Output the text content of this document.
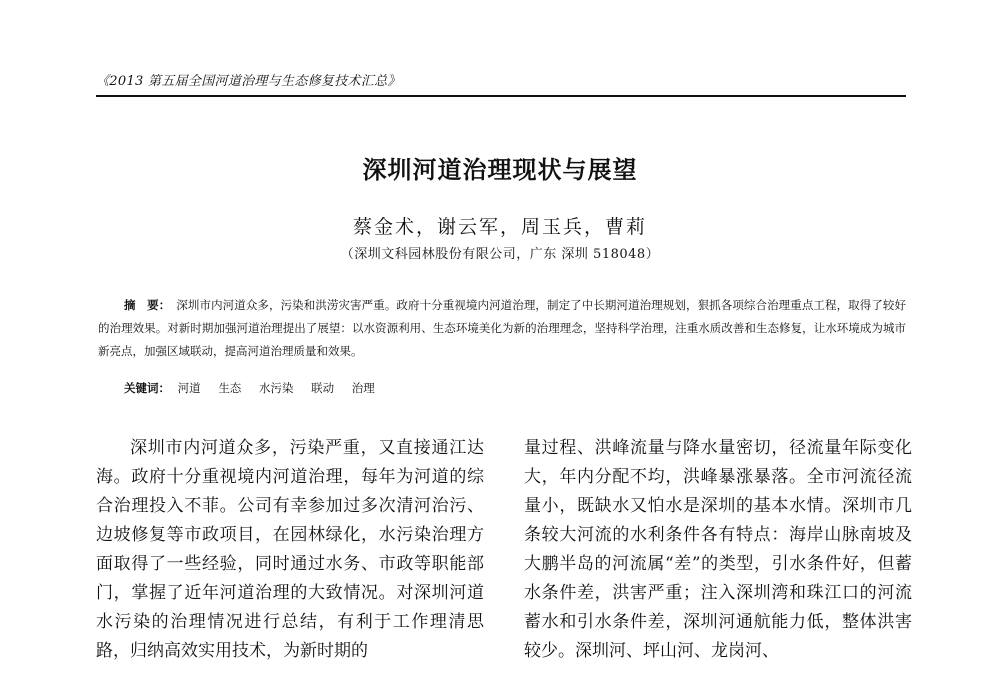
《2013 第五届全国河道治理与生态修复技术汇总》
深圳河道治理现状与展望
蔡金术，谢云军，周玉兵，曹莉
（深圳文科园林股份有限公司，广东 深圳 518048）
摘　要： 深圳市内河道众多，污染和洪涝灾害严重。政府十分重视境内河道治理，制定了中长期河道治理规划，狠抓各项综合治理重点工程，取得了较好的治理效果。对新时期加强河道治理提出了展望：以水资源利用、生态环境美化为新的治理理念，坚持科学治理，注重水质改善和生态修复，让水环境成为城市新亮点，加强区域联动，提高河道治理质量和效果。
关键词： 河道 生态 水污染 联动 治理

深圳市内河道众多，污染严重，又直接通江达海。政府十分重视境内河道治理，每年为河道的综合治理投入不菲。公司有幸参加过多次清河治污、边坡修复等市政项目，在园林绿化，水污染治理方面取得了一些经验，同时通过水务、市政等职能部门，掌握了近年河道治理的大致情况。对深圳河道水污染的治理情况进行总结，有利于工作理清思路，归纳高效实用技术，为新时期的

量过程、洪峰流量与降水量密切，径流量年际变化大，年内分配不均，洪峰暴涨暴落。全市河流径流量小，既缺水又怕水是深圳的基本水情。深圳市几条较大河流的水利条件各有特点：海岸山脉南坡及大鹏半岛的河流属“差”的类型，引水条件好，但蓄水条件差，洪害严重；注入深圳湾和珠江口的河流蓄水和引水条件差，深圳河通航能力低，整体洪害较少。深圳河、坪山河、龙岗河、
